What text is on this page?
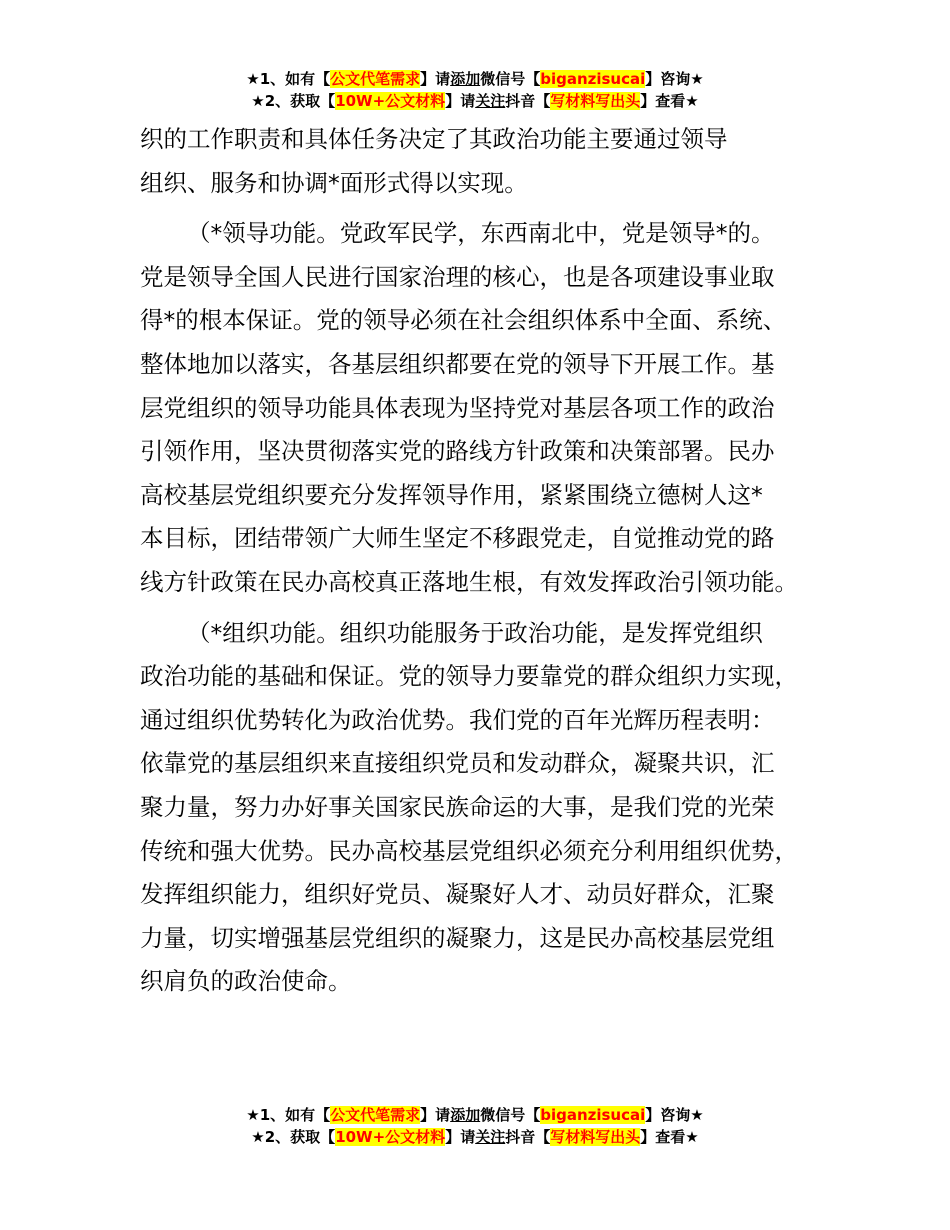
★1、如有【公文代笔需求】请添加微信号【biganzisucai】咨询★
★2、获取【10W+公文材料】请关注抖音【写材料写出头】查看★

织的工作职责和具体任务决定了其政治功能主要通过领导
组织、服务和协调*面形式得以实现。

（*领导功能。党政军民学，东西南北中，党是领导*的。
党是领导全国人民进行国家治理的核心，也是各项建设事业取
得*的根本保证。党的领导必须在社会组织体系中全面、系统、
整体地加以落实，各基层组织都要在党的领导下开展工作。基
层党组织的领导功能具体表现为坚持党对基层各项工作的政治
引领作用，坚决贯彻落实党的路线方针政策和决策部署。民办
高校基层党组织要充分发挥领导作用，紧紧围绕立德树人这*
本目标，团结带领广大师生坚定不移跟党走，自觉推动党的路
线方针政策在民办高校真正落地生根，有效发挥政治引领功能。

（*组织功能。组织功能服务于政治功能，是发挥党组织
政治功能的基础和保证。党的领导力要靠党的群众组织力实现，
通过组织优势转化为政治优势。我们党的百年光辉历程表明：
依靠党的基层组织来直接组织党员和发动群众，凝聚共识，汇
聚力量，努力办好事关国家民族命运的大事，是我们党的光荣
传统和强大优势。民办高校基层党组织必须充分利用组织优势，
发挥组织能力，组织好党员、凝聚好人才、动员好群众，汇聚
力量，切实增强基层党组织的凝聚力，这是民办高校基层党组
织肩负的政治使命。

★1、如有【公文代笔需求】请添加微信号【biganzisucai】咨询★
★2、获取【10W+公文材料】请关注抖音【写材料写出头】查看★
